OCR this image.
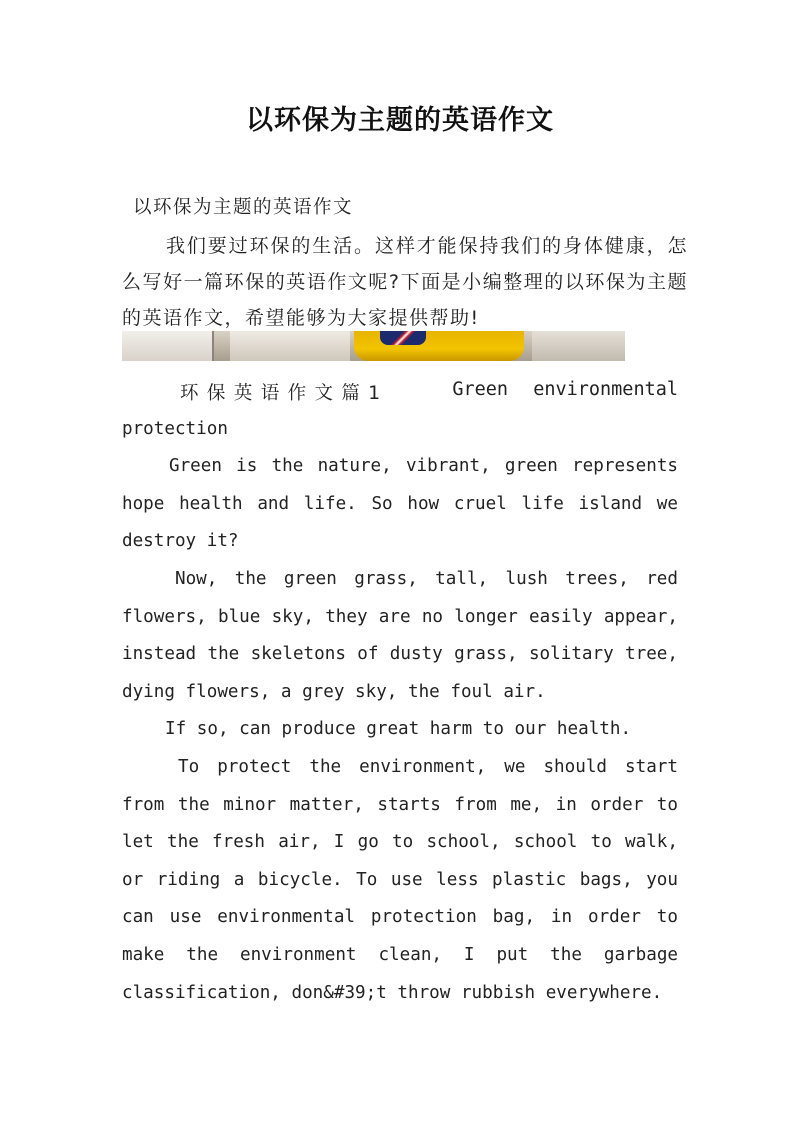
以环保为主题的英语作文
以环保为主题的英语作文

我们要过环保的生活。这样才能保持我们的身体健康，怎么写好一篇环保的英语作文呢?下面是小编整理的以环保为主题的英语作文，希望能够为大家提供帮助!

环保英语作文篇1	Green environmental

protection

Green is the nature, vibrant, green represents hope health and life. So how cruel life island we destroy it?

Now, the green grass, tall, lush trees, red flowers, blue sky, they are no longer easily appear, instead the skeletons of dusty grass, solitary tree, dying flowers, a grey sky, the foul air.

If so, can produce great harm to our health.

To protect the environment, we should start from the minor matter, starts from me, in order to let the fresh air, I go to school, school to walk, or riding a bicycle. To use less plastic bags, you can use environmental protection bag, in order to make the environment clean, I put the garbage classification, don&#39;t throw rubbish everywhere.
